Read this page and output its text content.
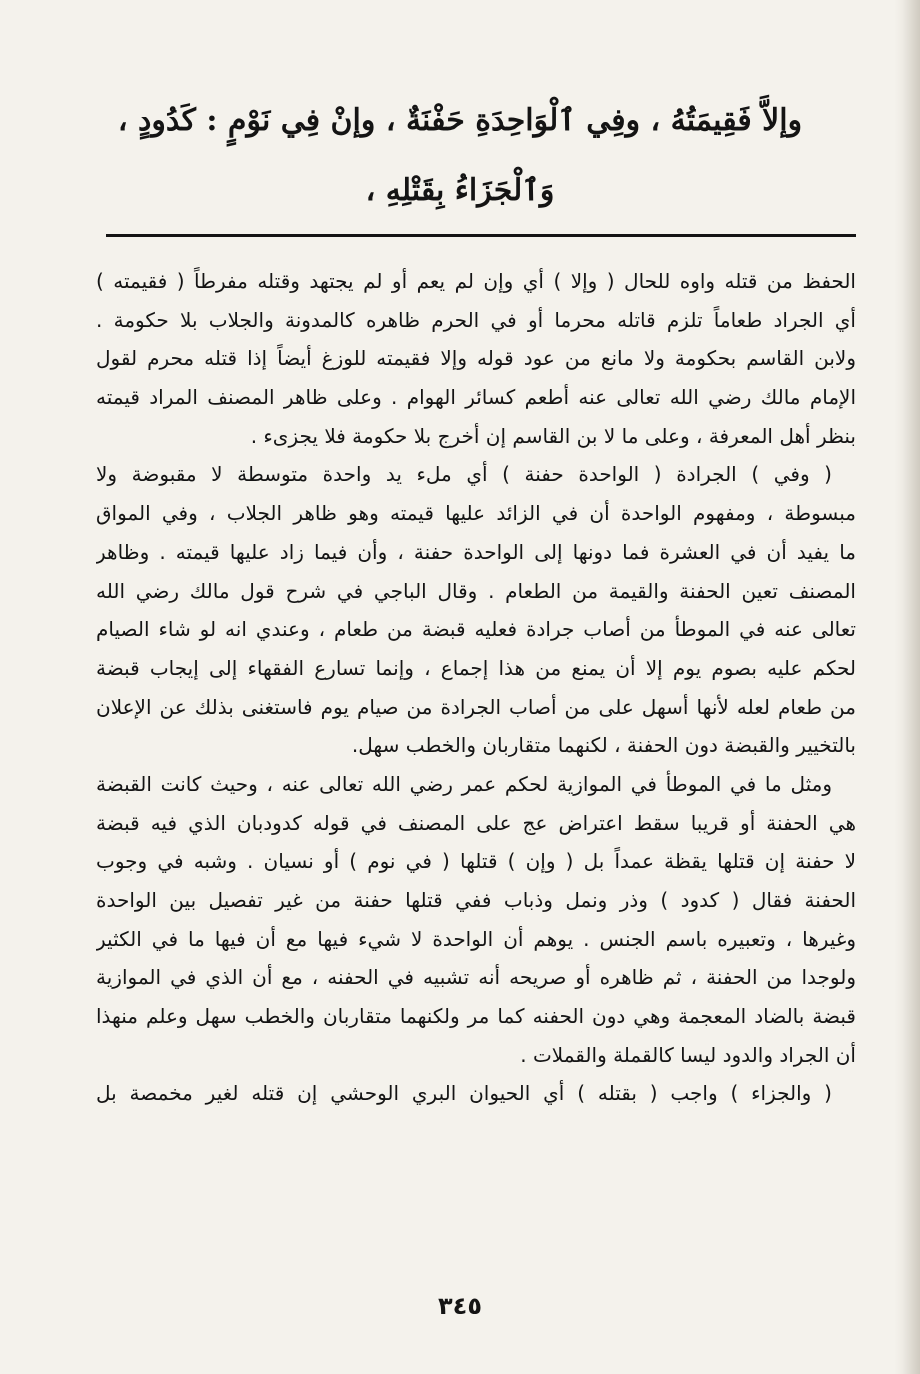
وإلاَّ فَقِيمَتُهُ ، وفِي ٱلْوَاحِدَةِ حَفْنَةٌ ، وإنْ فِي نَوْمٍ : كَدُودٍ ،
وَٱلْجَزَاءُ بِقَتْلِهِ ،
الحفظ من قتله واوه للحال ( وإلا ) أي وإن لم يعم أو لم يجتهد وقتله مفرطاً ( فقيمته )
أي الجراد طعاماً تلزم قاتله محرما أو في الحرم ظاهره كالمدونة والجلاب بلا حكومة .
ولابن القاسم بحكومة ولا مانع من عود قوله وإلا فقيمته للوزغ أيضاً إذا قتله محرم لقول
الإمام مالك رضي الله تعالى عنه أطعم كسائر الهوام . وعلى ظاهر المصنف المراد قيمته
بنظر أهل المعرفة ، وعلى ما لا بن القاسم إن أخرج بلا حكومة فلا يجزىء .
( وفي ) الجرادة ( الواحدة حفنة ) أي ملء يد واحدة متوسطة لا مقبوضة ولا
مبسوطة ، ومفهوم الواحدة أن في الزائد عليها قيمته وهو ظاهر الجلاب ، وفي المواق
ما يفيد أن في العشرة فما دونها إلى الواحدة حفنة ، وأن فيما زاد عليها قيمته . وظاهر
المصنف تعين الحفنة والقيمة من الطعام . وقال الباجي في شرح قول مالك رضي الله
تعالى عنه في الموطأ من أصاب جرادة فعليه قبضة من طعام ، وعندي انه لو شاء الصيام
لحكم عليه بصوم يوم إلا أن يمنع من هذا إجماع ، وإنما تسارع الفقهاء إلى إيجاب قبضة
من طعام لعله لأنها أسهل على من أصاب الجرادة من صيام يوم فاستغنى بذلك عن الإعلان
بالتخيير والقبضة دون الحفنة ، لكنهما متقاربان والخطب سهل.
ومثل ما في الموطأ في الموازية لحكم عمر رضي الله تعالى عنه ، وحيث كانت القبضة
هي الحفنة أو قريبا سقط اعتراض عج على المصنف في قوله كدودبان الذي فيه قبضة
لا حفنة إن قتلها يقظة عمداً بل ( وإن ) قتلها ( في نوم ) أو نسيان . وشبه في وجوب
الحفنة فقال ( كدود ) وذر ونمل وذباب ففي قتلها حفنة من غير تفصيل بين الواحدة
وغيرها ، وتعبيره باسم الجنس . يوهم أن الواحدة لا شيء فيها مع أن فيها ما في الكثير
ولوجدا من الحفنة ، ثم ظاهره أو صريحه أنه تشبيه في الحفنه ، مع أن الذي في الموازية
قبضة بالضاد المعجمة وهي دون الحفنه كما مر ولكنهما متقاربان والخطب سهل وعلم منهذا
أن الجراد والدود ليسا كالقملة والقملات .
( والجزاء ) واجب ( بقتله ) أي الحيوان البري الوحشي إن قتله لغير مخمصة بل
٣٤٥
